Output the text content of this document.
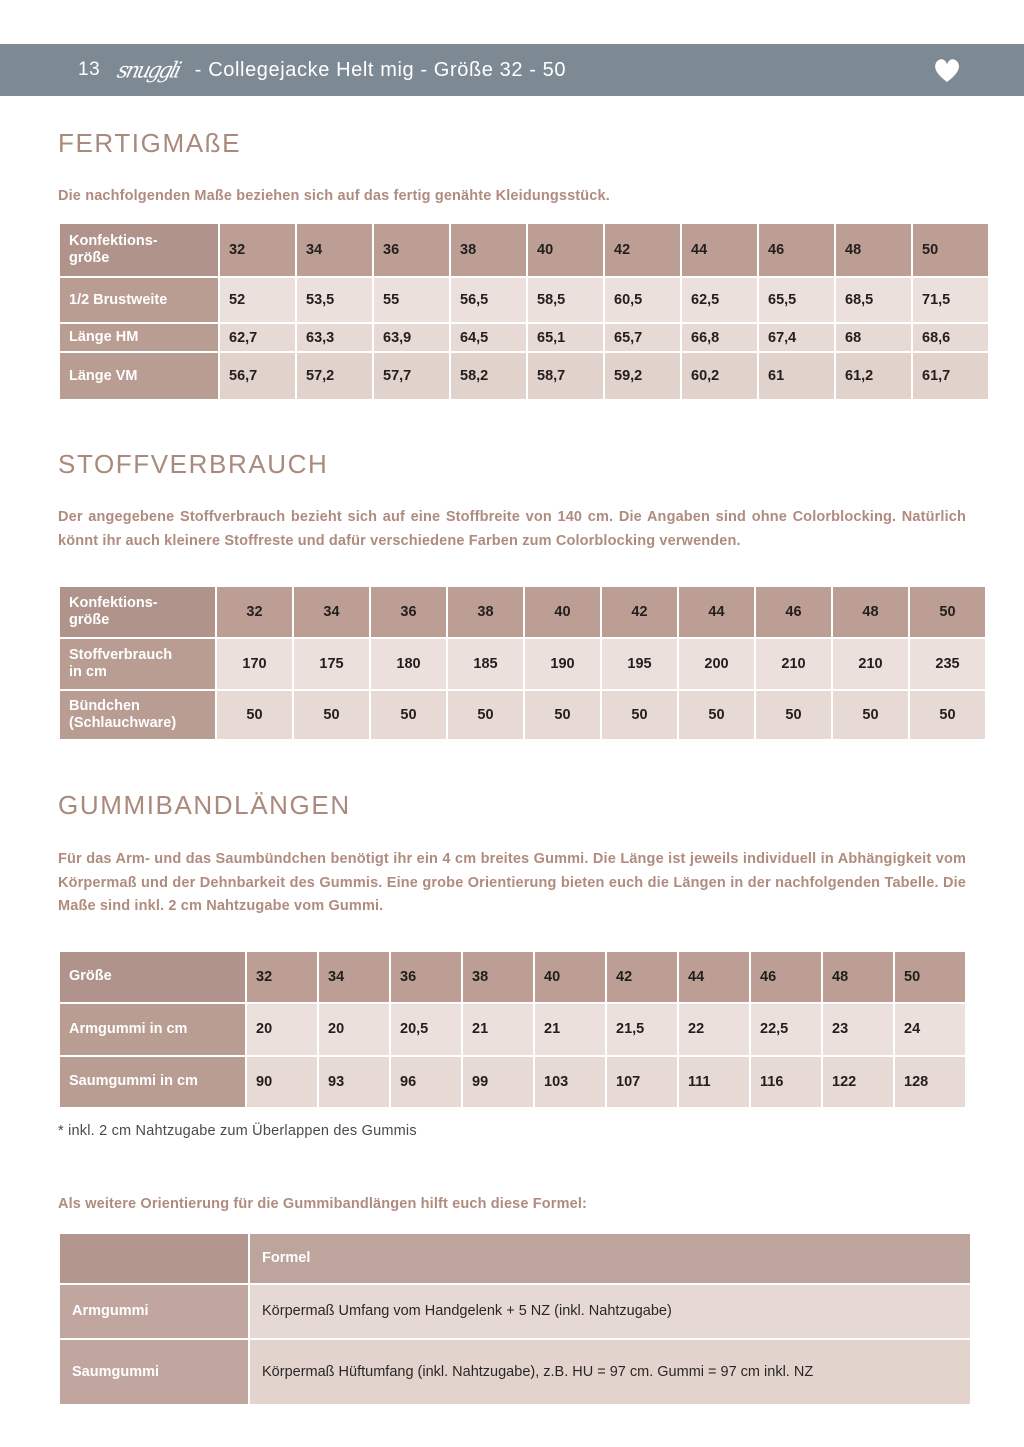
13 snuggli - Collegejacke Helt mig - Größe 32 - 50
FERTIGMAßE

Die nachfolgenden Maße beziehen sich auf das fertig genähte Kleidungsstück.

Konfektions-
größe	32	34	36	38	40	42	44	46	48	50
1/2 Brustweite	52	53,5	55	56,5	58,5	60,5	62,5	65,5	68,5	71,5
Länge HM	62,7	63,3	63,9	64,5	65,1	65,7	66,8	67,4	68	68,6
Länge VM	56,7	57,2	57,7	58,2	58,7	59,2	60,2	61	61,2	61,7
STOFFVERBRAUCH

Der angegebene Stoffverbrauch bezieht sich auf eine Stoffbreite von 140 cm. Die Angaben sind ohne Colorblocking. Natürlich könnt ihr auch kleinere Stoffreste und dafür verschiedene Farben zum Colorblocking verwenden.

Konfektions-
größe	32	34	36	38	40	42	44	46	48	50
Stoffverbrauch
in cm	170	175	180	185	190	195	200	210	210	235
Bündchen
(Schlauchware)	50	50	50	50	50	50	50	50	50	50
GUMMIBANDLÄNGEN

Für das Arm- und das Saumbündchen benötigt ihr ein 4 cm breites Gummi. Die Länge ist jeweils individuell in Abhängigkeit vom Körpermaß und der Dehnbarkeit des Gummis. Eine grobe Orientierung bieten euch die Längen in der nachfolgenden Tabelle. Die Maße sind inkl. 2 cm Nahtzugabe vom Gummi.

Größe	32	34	36	38	40	42	44	46	48	50
Armgummi in cm	20	20	20,5	21	21	21,5	22	22,5	23	24
Saumgummi in cm	90	93	96	99	103	107	111	116	122	128

* inkl. 2 cm Nahtzugabe zum Überlappen des Gummis

Als weitere Orientierung für die Gummibandlängen hilft euch diese Formel:

	Formel
Armgummi	Körpermaß Umfang vom Handgelenk + 5 NZ (inkl. Nahtzugabe)
Saumgummi	Körpermaß Hüftumfang (inkl. Nahtzugabe), z.B. HU = 97 cm. Gummi = 97 cm inkl. NZ
